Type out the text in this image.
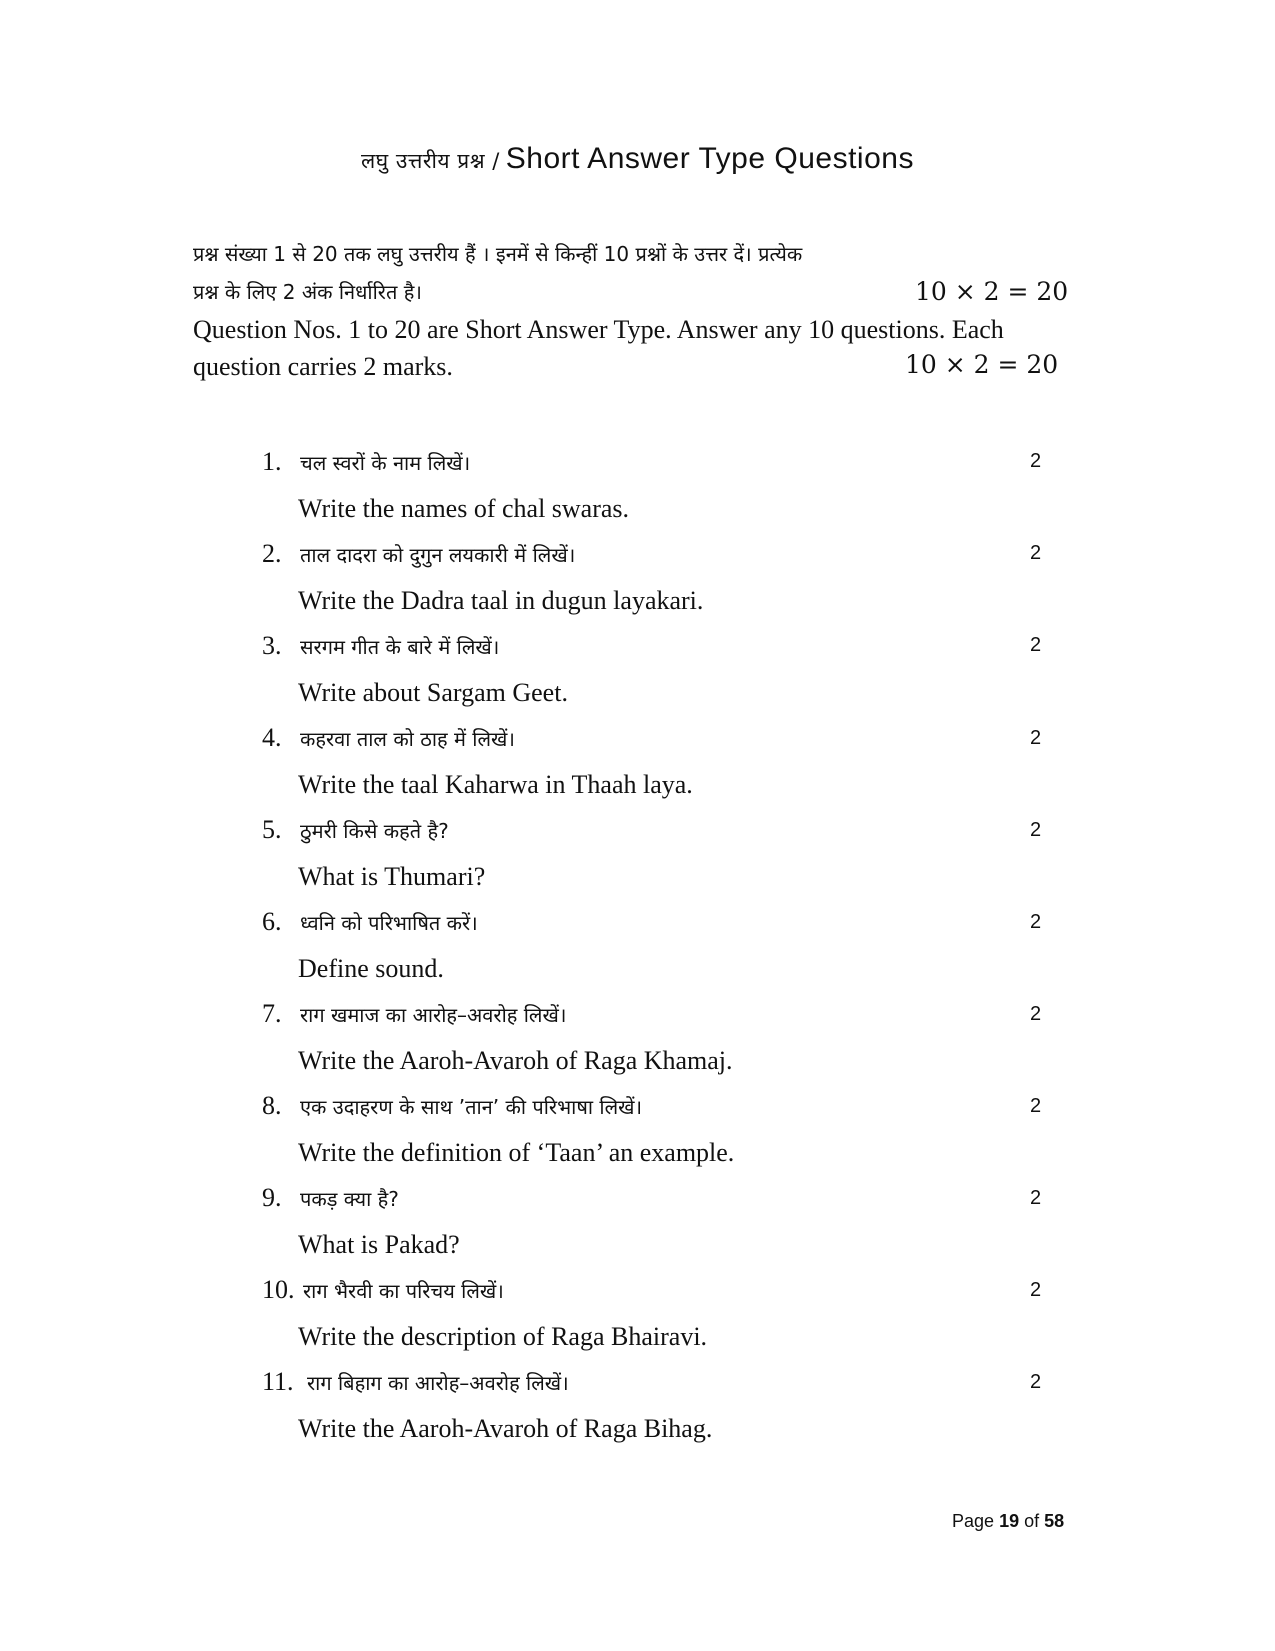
लघु उत्तरीय प्रश्न / Short Answer Type Questions
प्रश्न संख्या 1 से 20 तक लघु उत्तरीय हैं । इनमें से किन्हीं 10 प्रश्नों के उत्तर दें। प्रत्येक
प्रश्न के लिए 2 अंक निर्धारित है।	10 × 2 = 20
Question Nos. 1 to 20 are Short Answer Type. Answer any 10 questions. Each
question carries 2 marks.	10 × 2 = 20
1. चल स्वरों के नाम लिखें।	2
Write the names of chal swaras.
2. ताल दादरा को दुगुन लयकारी में लिखें।	2
Write the Dadra taal in dugun layakari.
3. सरगम गीत के बारे में लिखें।	2
Write about Sargam Geet.
4. कहरवा ताल को ठाह में लिखें।	2
Write the taal Kaharwa in Thaah laya.
5. ठुमरी किसे कहते है?	2
What is Thumari?
6. ध्वनि को परिभाषित करें।	2
Define sound.
7. राग खमाज का आरोह–अवरोह लिखें।	2
Write the Aaroh-Avaroh of Raga Khamaj.
8. एक उदाहरण के साथ ’तान’ की परिभाषा लिखें।	2
Write the definition of ‘Taan’ an example.
9. पकड़ क्या है?	2
What is Pakad?
10. राग भैरवी का परिचय लिखें।	2
Write the description of Raga Bhairavi.
11. राग बिहाग का आरोह–अवरोह लिखें।	2
Write the Aaroh-Avaroh of Raga Bihag.
Page 19 of 58
